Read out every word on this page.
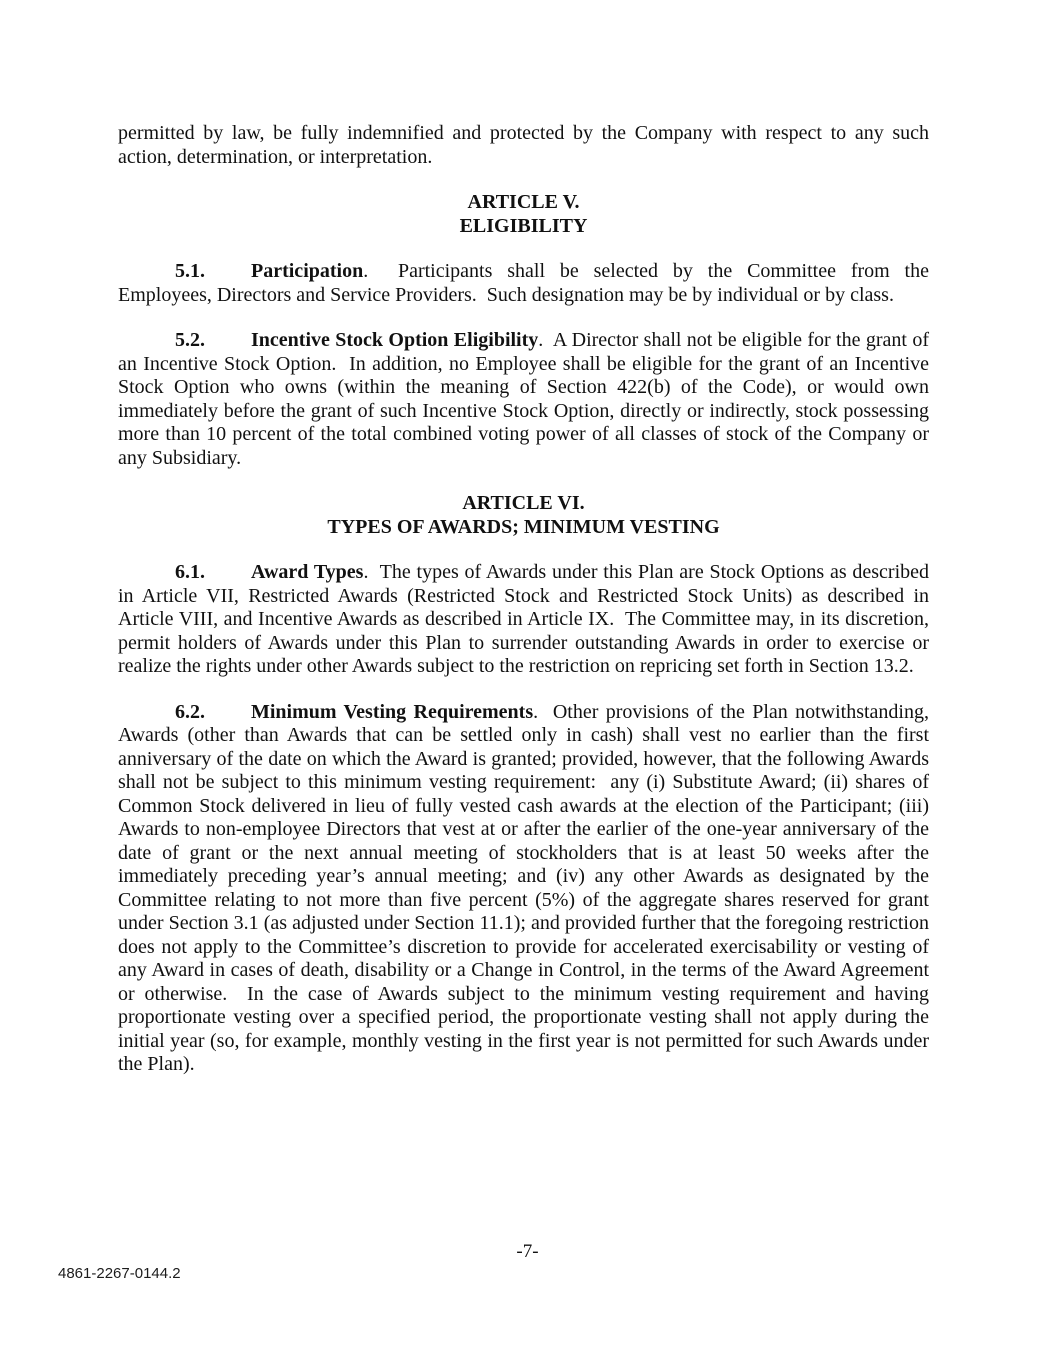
permitted by law, be fully indemnified and protected by the Company with respect to any such action, determination, or interpretation.

ARTICLE V.
ELIGIBILITY

5.1. Participation.  Participants shall be selected by the Committee from the Employees, Directors and Service Providers.  Such designation may be by individual or by class.

5.2. Incentive Stock Option Eligibility.  A Director shall not be eligible for the grant of an Incentive Stock Option.  In addition, no Employee shall be eligible for the grant of an Incentive Stock Option who owns (within the meaning of Section 422(b) of the Code), or would own immediately before the grant of such Incentive Stock Option, directly or indirectly, stock possessing more than 10 percent of the total combined voting power of all classes of stock of the Company or any Subsidiary.

ARTICLE VI.
TYPES OF AWARDS; MINIMUM VESTING

6.1. Award Types.  The types of Awards under this Plan are Stock Options as described in Article VII, Restricted Awards (Restricted Stock and Restricted Stock Units) as described in Article VIII, and Incentive Awards as described in Article IX.  The Committee may, in its discretion, permit holders of Awards under this Plan to surrender outstanding Awards in order to exercise or realize the rights under other Awards subject to the restriction on repricing set forth in Section 13.2.

6.2. Minimum Vesting Requirements.  Other provisions of the Plan notwithstanding, Awards (other than Awards that can be settled only in cash) shall vest no earlier than the first anniversary of the date on which the Award is granted; provided, however, that the following Awards shall not be subject to this minimum vesting requirement:  any (i) Substitute Award; (ii) shares of Common Stock delivered in lieu of fully vested cash awards at the election of the Participant; (iii) Awards to non-employee Directors that vest at or after the earlier of the one-year anniversary of the date of grant or the next annual meeting of stockholders that is at least 50 weeks after the immediately preceding year’s annual meeting; and (iv) any other Awards as designated by the Committee relating to not more than five percent (5%) of the aggregate shares reserved for grant under Section 3.1 (as adjusted under Section 11.1); and provided further that the foregoing restriction does not apply to the Committee’s discretion to provide for accelerated exercisability or vesting of any Award in cases of death, disability or a Change in Control, in the terms of the Award Agreement or otherwise.  In the case of Awards subject to the minimum vesting requirement and having proportionate vesting over a specified period, the proportionate vesting shall not apply during the initial year (so, for example, monthly vesting in the first year is not permitted for such Awards under the Plan).

-7-
4861-2267-0144.2
